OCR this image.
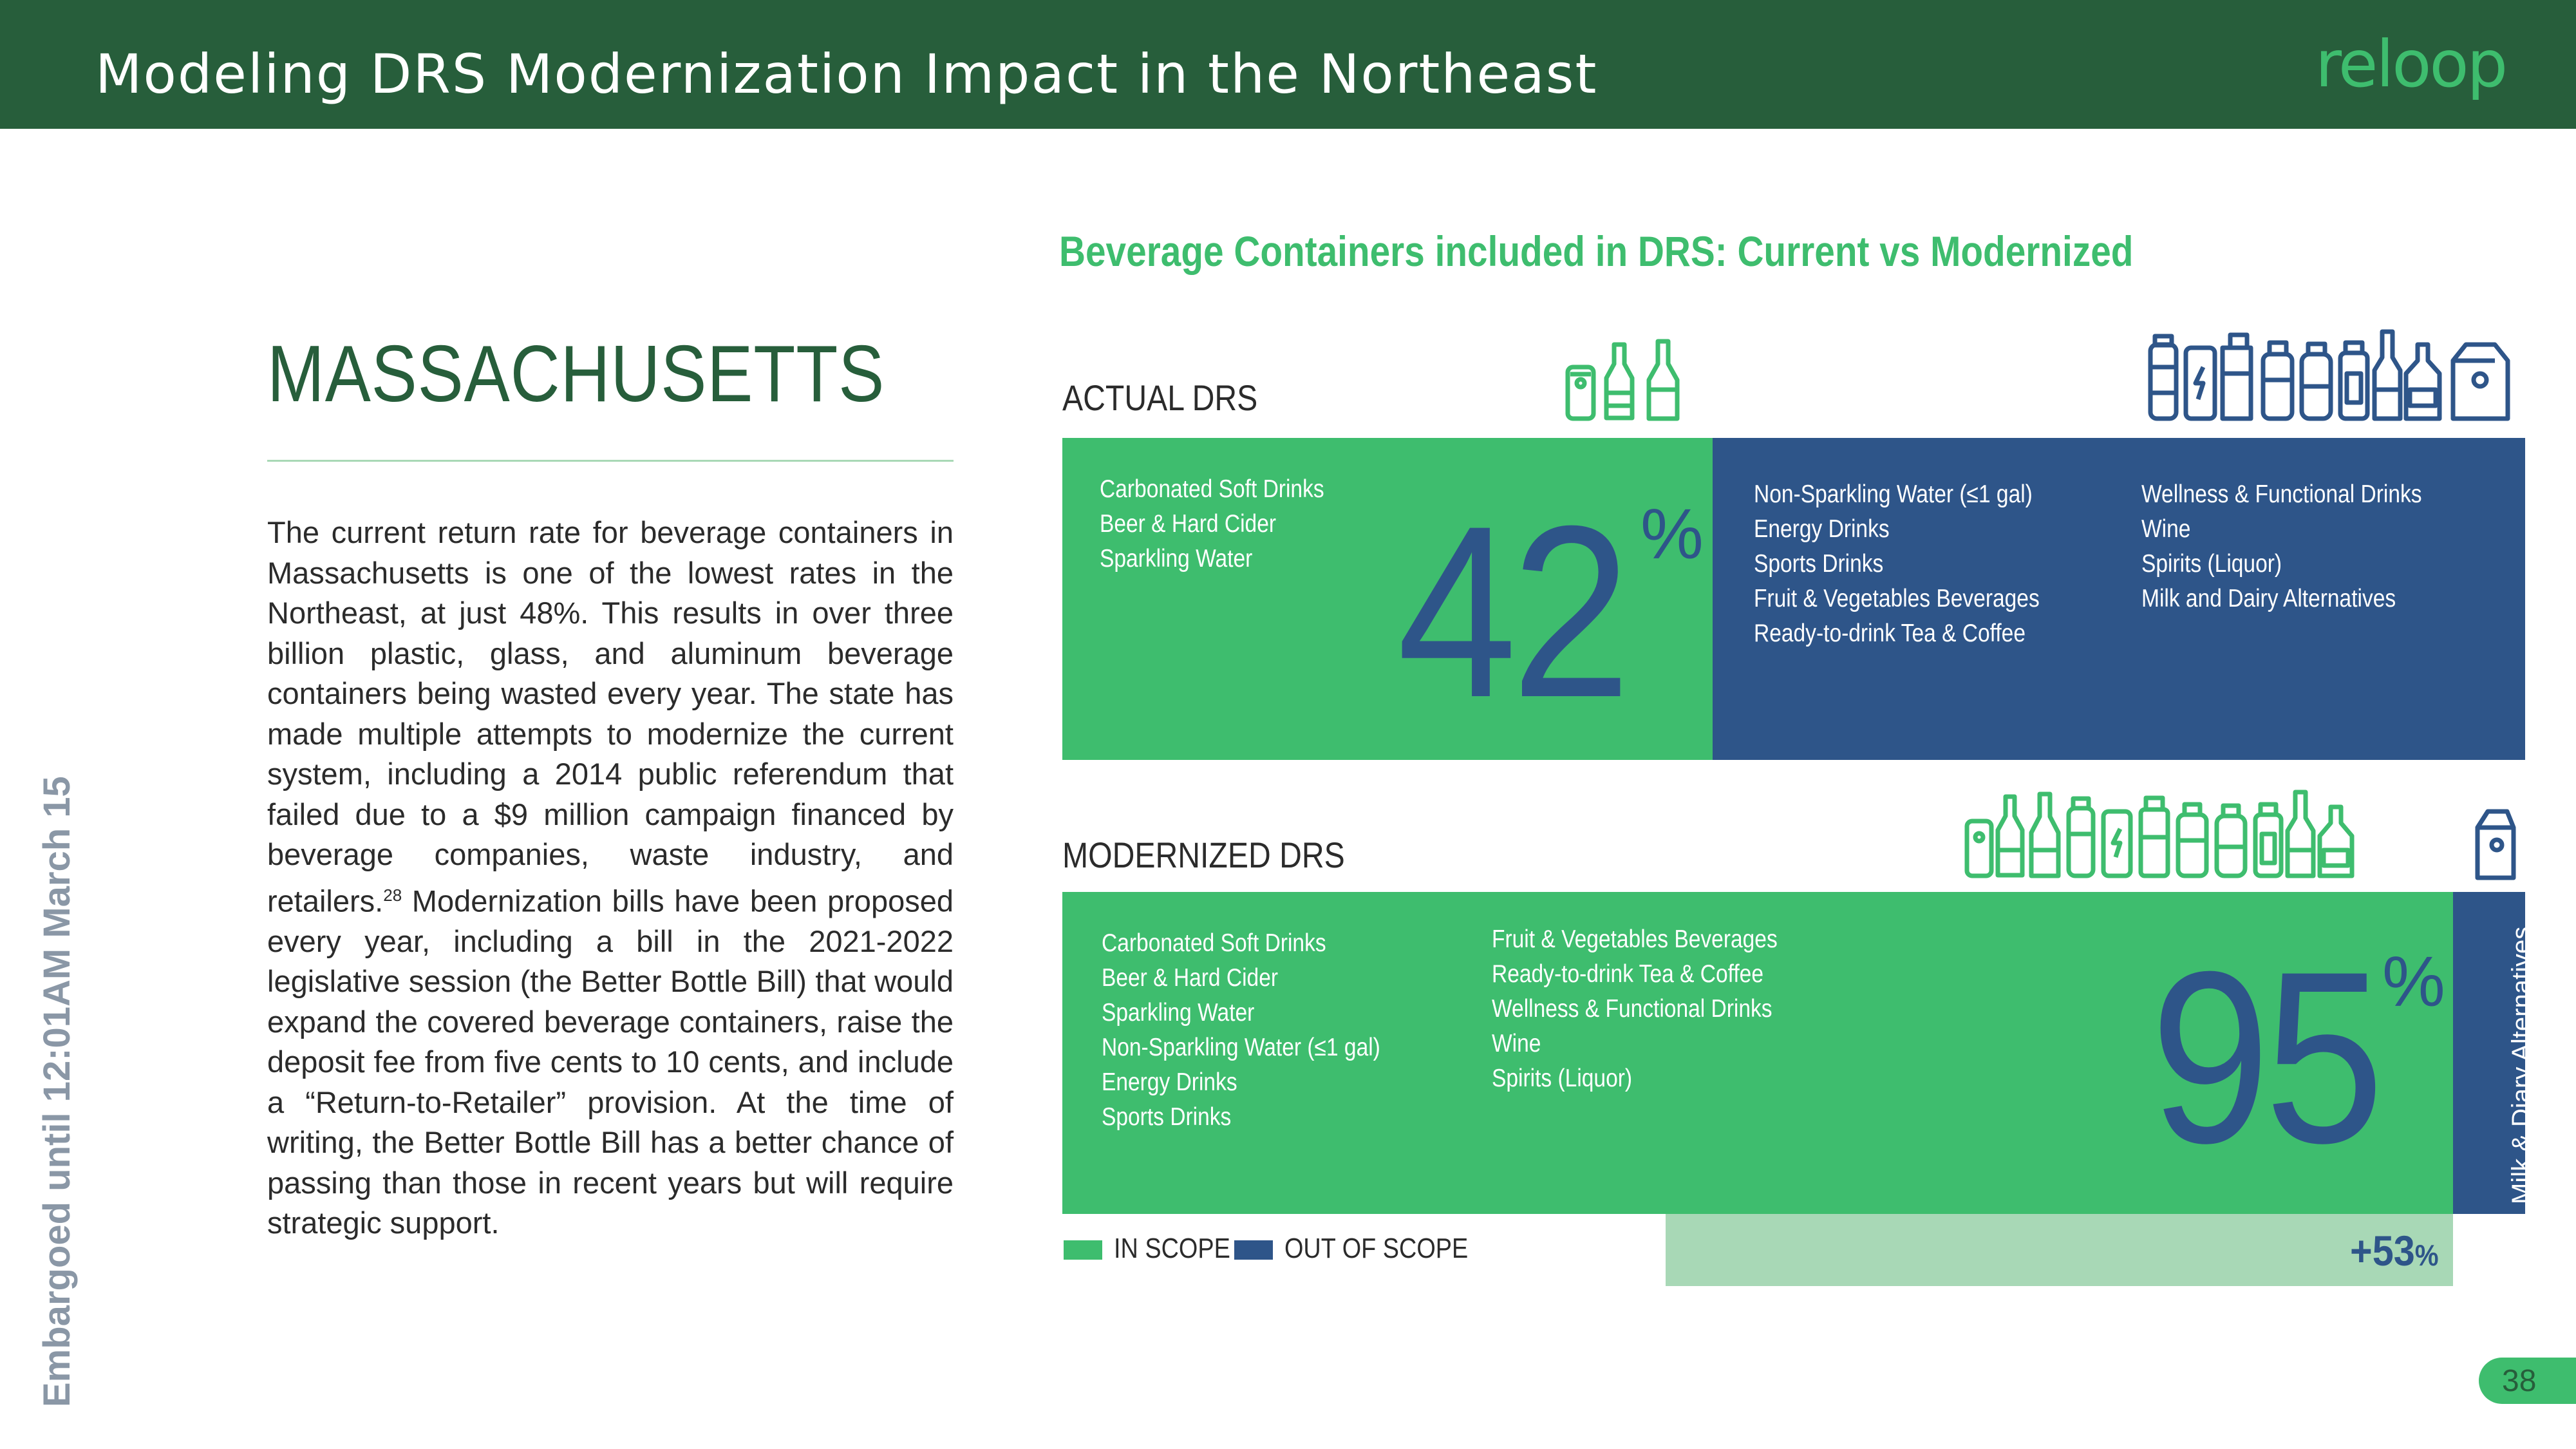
Modeling DRS Modernization Impact in the Northeast	reloop
Embargoed until 12:01AM March 15
MASSACHUSETTS
The current return rate for beverage containers in Massachusetts is one of the lowest rates in the Northeast, at just 48%. This results in over three billion plastic, glass, and aluminum beverage containers being wasted every year. The state has made multiple attempts to modernize the current system, including a 2014 public referendum that failed due to a $9 million campaign financed by beverage companies, waste industry, and retailers.$^{28}$ Modernization bills have been proposed every year, including a bill in the 2021-2022 legislative session (the Better Bottle Bill) that would expand the covered beverage containers, raise the deposit fee from five cents to 10 cents, and include a “Return-to-Retailer” provision. At the time of writing, the Better Bottle Bill has a better chance of passing than those in recent years but will require strategic support.
Beverage Containers included in DRS: Current vs Modernized
ACTUAL DRS
Carbonated Soft Drinks
Beer & Hard Cider
Sparkling Water 42 %
Non-Sparkling Water (≤1 gal)
Energy Drinks
Sports Drinks
Fruit & Vegetables Beverages
Ready-to-drink Tea & Coffee
Wellness & Functional Drinks
Wine
Spirits (Liquor)
Milk and Dairy Alternatives
MODERNIZED DRS
Carbonated Soft Drinks
Beer & Hard Cider
Sparkling Water
Non-Sparkling Water (≤1 gal)
Energy Drinks
Sports Drinks
Fruit & Vegetables Beverages
Ready-to-drink Tea & Coffee
Wellness & Functional Drinks
Wine
Spirits (Liquor)	95 % Milk & Diary Alternatives
+53%
IN SCOPE OUT OF SCOPE
38
